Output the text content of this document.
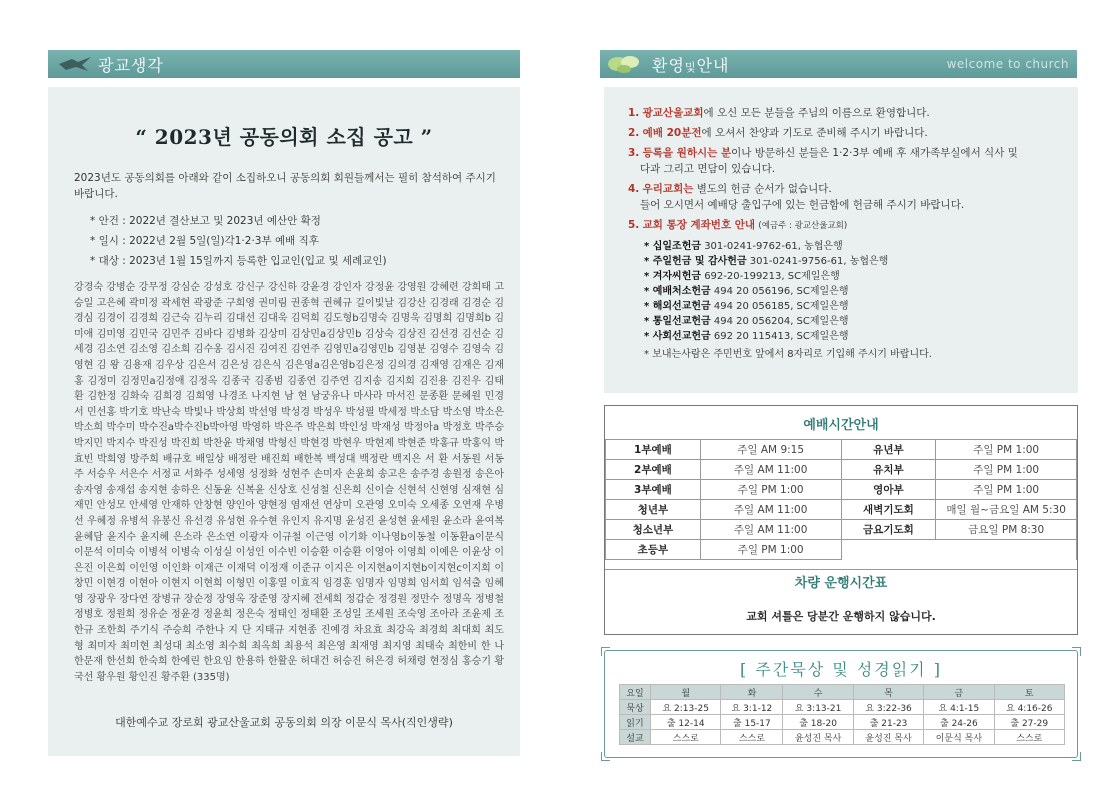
광교생각
“ 2023년 공동의회 소집 공고 ”
2023년도 공동의회를 아래와 같이 소집하오니 공동의회 회원들께서는 필히 참석하여 주시기 바랍니다.
* 안건 : 2022년 결산보고 및 2023년 예산안 확정
* 일시 : 2022년 2월 5일(일)각1·2·3부 예배 직후
* 대상 : 2023년 1월 15일까지 등록한 입교인(입교 및 세례교인)
강경숙 강병순 강무정 강심순 강성호 강신구 강신하 강윤경 강인자 강정윤 강영원 강혜련 강희태 고승일 고은혜 곽미정 곽세현 곽광준 구희영 권미림 권종혁 권혜규 길이빛날 김강산 김경래 김경순 김경심 김경이 김경희 김근숙 김누리 김대선 김대욱 김덕희 김도형b김명숙 김명욱 김명희 김명희b 김미애 김미영 김민국 김민주 김바다 김병화 김상미 김상민a김상민b 김상숙 김상진 김선경 김선순 김세경 김소연 김소영 김소희 김수옹 김시진 김여진 김연주 김영민a김영민b 김영분 김영수 김영숙 김영현 김 왕 김용재 김우상 김은서 김은성 김은식 김은영a김은영b김은정 김의경 김재영 김재은 김재홍 김정미 김정민a김정애 김정옥 김종국 김종범 김종연 김주연 김지송 김지희 김진용 김진우 김태환 김한정 김화숙 김희경 김희영 나경조 나지현 남 현 남궁유나 마사라 마서진 문종환 문혜원 민경서 민선홍 박기호 박난숙 박빛나 박상희 박선영 박성경 박성우 박성필 박세정 박소담 박소영 박소은 박소희 박수미 박수진a박수진b박아영 박영하 박은주 박은희 박인성 박재성 박정아a 박정호 박주승 박지민 박지수 박진성 박진희 박찬윤 박채영 박형신 박현경 박현우 박현제 박현준 박홍규 박홍익 박효빈 박희영 방주희 배규호 배일상 배정란 배진희 배한복 백성대 백정란 백지은 서 환 서동원 서동주 서승우 서은수 서정교 서화주 성세영 성정화 성현주 손미자 손윤희 송고은 송주경 송원정 송은아 송자영 송재섭 송지현 송하은 신동윤 신복윤 신상호 신성철 신은희 신이슬 신현석 신현영 심재현 심재민 안성모 안세영 안재하 안창현 양인아 양현정 염재선 연상미 오관영 오미숙 오세종 오연재 우병선 우혜정 유병석 유봉신 유선경 유성현 유수현 유인지 유지명 윤성진 윤성현 윤세원 윤소라 윤여복 윤혜담 윤지수 윤지혜 은소라 은소연 이광자 이규철 이근영 이기화 이나영b이동철 이동환a이문식 이문석 이미숙 이병석 이병숙 이성실 이성인 이수빈 이승환 이승환 이영아 이영희 이예은 이윤상 이은진 이은희 이인영 이인화 이재근 이재덕 이정재 이준규 이지은 이지현a이지현b이지현c이지희 이창민 이현경 이현아 이현지 이현희 이형민 이홍열 이효직 임경훈 임명자 임명희 임서희 임석출 임혜영 장광우 장다연 장병규 장순정 장영옥 장준영 장지혜 전세희 정갑순 정경원 정만수 정명옥 정병철 정병호 정원희 정유순 정윤경 정윤희 정은숙 정태인 정태환 조성일 조세원 조숙영 조아라 조윤제 조한규 조한희 주기식 주승희 주한나 지 단 지태규 지현종 진예경 차요효 최강옥 최경희 최대희 최도형 최미자 최미현 최성대 최소영 최수희 최옥희 최용석 최은영 최재영 최지영 최태숙 최한비 한 나 한문재 한선희 한숙희 한예린 한요임 한용하 한활운 허대건 허승진 허은경 허채령 현정심 홍승기 황국선 황우원 황인진 황주환 (335명)
대한예수교 장로회 광교산울교회 공동의회 의장 이문식 목사(직인생략)
환영및안내	welcome to church
1. 광교산울교회에 오신 모든 분들을 주님의 이름으로 환영합니다.
2. 예배 20분전에 오셔서 찬양과 기도로 준비해 주시기 바랍니다.
3. 등록을 원하시는 분이나 방문하신 분들은 1·2·3부 예배 후 새가족부실에서 식사 및
다과 그리고 면담이 있습니다.
4. 우리교회는 별도의 헌금 순서가 없습니다.
들어 오시면서 예배당 출입구에 있는 헌금함에 헌금해 주시기 바랍니다.
5. 교회 통장 계좌번호 안내 (예금주 : 광교산울교회)
* 십일조헌금 301-0241-9762-61, 농협은행
* 주일헌금 및 감사헌금 301-0241-9756-61, 농협은행
* 겨자씨헌금 692-20-199213, SC제일은행
* 예배처소헌금 494 20 056196, SC제일은행
* 해외선교헌금 494 20 056185, SC제일은행
* 통일선교헌금 494 20 056204, SC제일은행
* 사회선교헌금 692 20 115413, SC제일은행
* 보내는사람은 주민번호 앞에서 8자리로 기입해 주시기 바랍니다.
예배시간안내
1부예배	주일 AM 9:15	유년부	주일 PM 1:00
2부예배	주일 AM 11:00	유치부	주일 PM 1:00
3부예배	주일 PM 1:00	영아부	주일 PM 1:00
청년부	주일 AM 11:00	새벽기도회	매일 월~금요일 AM 5:30
청소년부	주일 AM 11:00	금요기도회	금요일 PM 8:30
초등부	주일 PM 1:00		
차량 운행시간표
교회 셔틀은 당분간 운행하지 않습니다.
[ 주간묵상 및 성경읽기 ]
요일	월	화	수	목	금	토
묵상	요 2:13-25	요 3:1-12	요 3:13-21	요 3:22-36	요 4:1-15	요 4:16-26
읽기	출 12-14	출 15-17	출 18-20	출 21-23	출 24-26	출 27-29
설교	스스로	스스로	윤성진 목사	윤성진 목사	이문식 목사	스스로
